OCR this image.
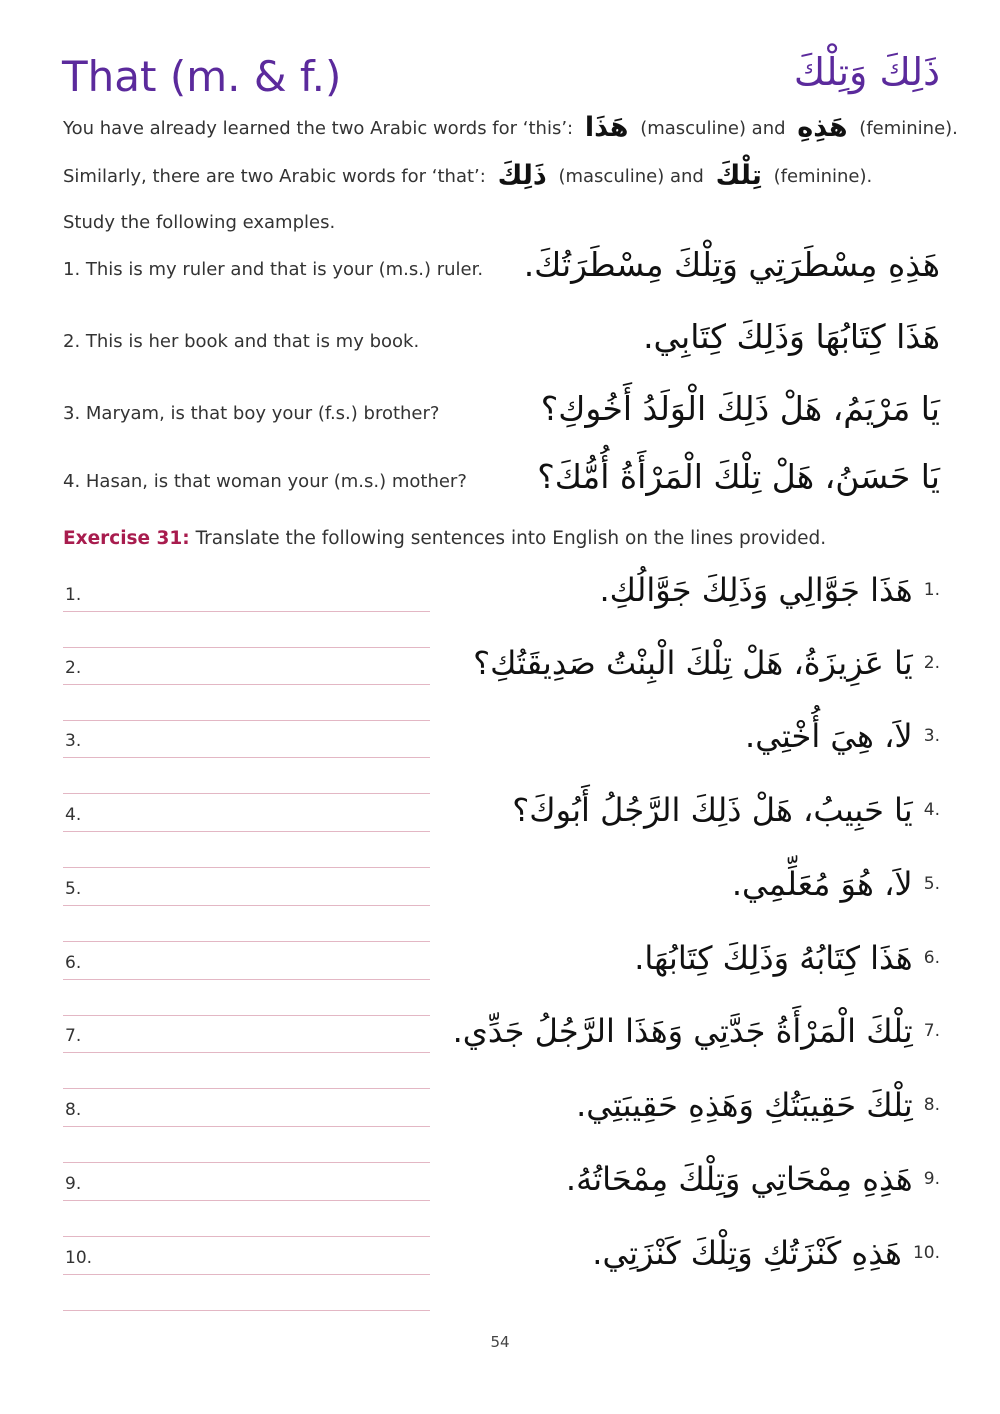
That (m. & f.)	ذَلِكَ وَتِلْكَ
You have already learned the two Arabic words for ‘this’: هَذَا (masculine) and هَذِهِ (feminine).
Similarly, there are two Arabic words for ‘that’: ذَلِكَ (masculine) and تِلْكَ (feminine).
Study the following examples.
1. This is my ruler and that is your (m.s.) ruler. هَذِهِ مِسْطَرَتِي وَتِلْكَ مِسْطَرَتُكَ.
2. This is her book and that is my book.	هَذَا كِتَابُهَا وَذَلِكَ كِتَابِي.
3. Maryam, is that boy your (f.s.) brother?	يَا مَرْيَمُ، هَلْ ذَلِكَ الْوَلَدُ أَخُوكِ؟
4. Hasan, is that woman your (m.s.) mother? يَا حَسَنُ، هَلْ تِلْكَ الْمَرْأَةُ أُمُّكَ؟
Exercise 31: Translate the following sentences into English on the lines provided.
1.	هَذَا جَوَّالِي وَذَلِكَ جَوَّالُكِ. 1.
2.	يَا عَزِيزَةُ، هَلْ تِلْكَ الْبِنْتُ صَدِيقَتُكِ؟ 2.
3.	لاَ، هِيَ أُخْتِي. 3.
4.	يَا حَبِيبُ، هَلْ ذَلِكَ الرَّجُلُ أَبُوكَ؟ 4.
5.	لاَ، هُوَ مُعَلِّمِي. 5.
6.	هَذَا كِتَابُهُ وَذَلِكَ كِتَابُهَا. 6.
7.	تِلْكَ الْمَرْأَةُ جَدَّتِي وَهَذَا الرَّجُلُ جَدِّي. 7.
8.	تِلْكَ حَقِيبَتُكِ وَهَذِهِ حَقِيبَتِي. 8.
9.	هَذِهِ مِمْحَاتِي وَتِلْكَ مِمْحَاتُهُ. 9.
10.	هَذِهِ كَنْزَتُكِ وَتِلْكَ كَنْزَتِي. 10.
54
